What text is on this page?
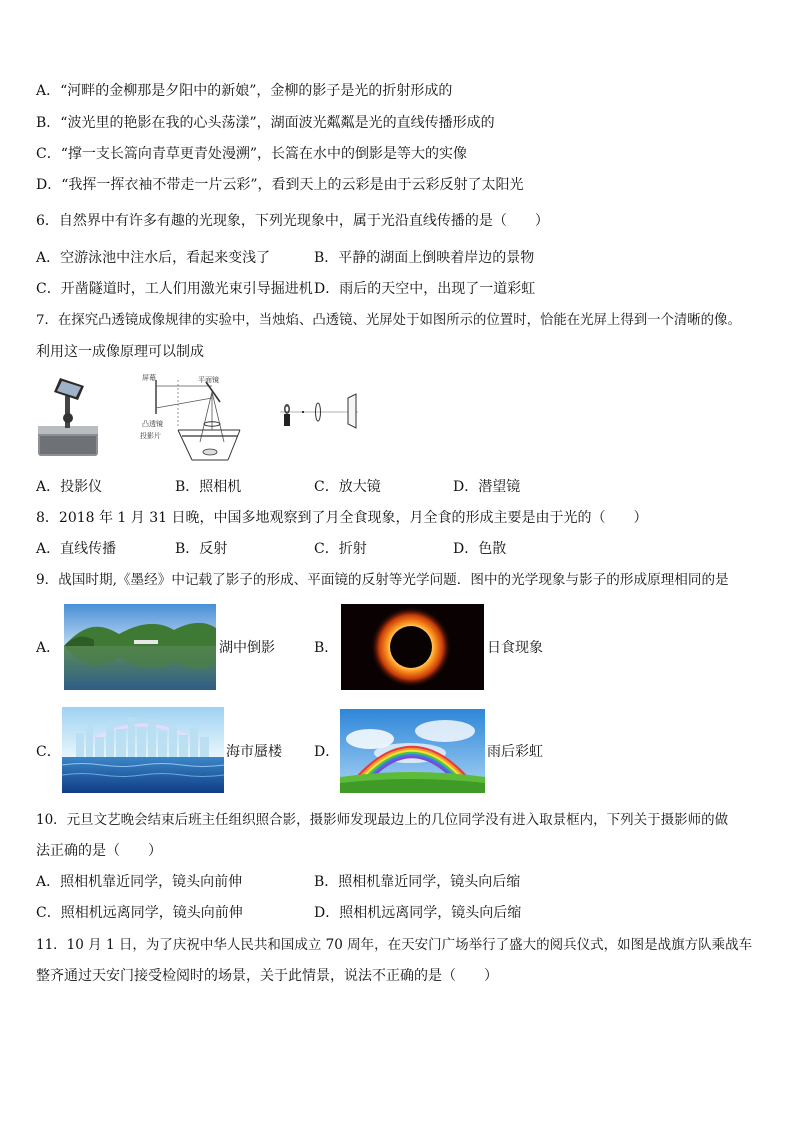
A．“河畔的金柳那是夕阳中的新娘”，金柳的影子是光的折射形成的
B．“波光里的艳影在我的心头荡漾”，湖面波光粼粼是光的直线传播形成的
C．“撑一支长篙向青草更青处漫溯”，长篙在水中的倒影是等大的实像
D．“我挥一挥衣袖不带走一片云彩”，看到天上的云彩是由于云彩反射了太阳光
6．自然界中有许多有趣的光现象，下列光现象中，属于光沿直线传播的是（　　）
A．空游泳池中注水后，看起来变浅了	B．平静的湖面上倒映着岸边的景物
C．开凿隧道时，工人们用激光束引导掘进机 D．雨后的天空中，出现了一道彩虹
7．在探究凸透镜成像规律的实验中，当烛焰、凸透镜、光屏处于如图所示的位置时，恰能在光屏上得到一个清晰的像。
利用这一成像原理可以制成
屏幕	平面镜
凸透镜
投影片
A．投影仪	B．照相机	C．放大镜	D．潜望镜
8．2018 年 1 月 31 日晚，中国多地观察到了月全食现象，月全食的形成主要是由于光的（　　）
A．直线传播	B．反射	C．折射	D．色散
9．战国时期,《墨经》中记载了影子的形成、平面镜的反射等光学问题．图中的光学现象与影子的形成原理相同的是
A．	湖中倒影	B．	日食现象
C．	海市蜃楼 D．	雨后彩虹
10．元旦文艺晚会结束后班主任组织照合影，摄影师发现最边上的几位同学没有进入取景框内，下列关于摄影师的做
法正确的是（　　）
A．照相机靠近同学，镜头向前伸	B．照相机靠近同学，镜头向后缩
C．照相机远离同学，镜头向前伸	D．照相机远离同学，镜头向后缩
11．10 月 1 日，为了庆祝中华人民共和国成立 70 周年，在天安门广场举行了盛大的阅兵仪式，如图是战旗方队乘战车
整齐通过天安门接受检阅时的场景，关于此情景，说法不正确的是（　　）
